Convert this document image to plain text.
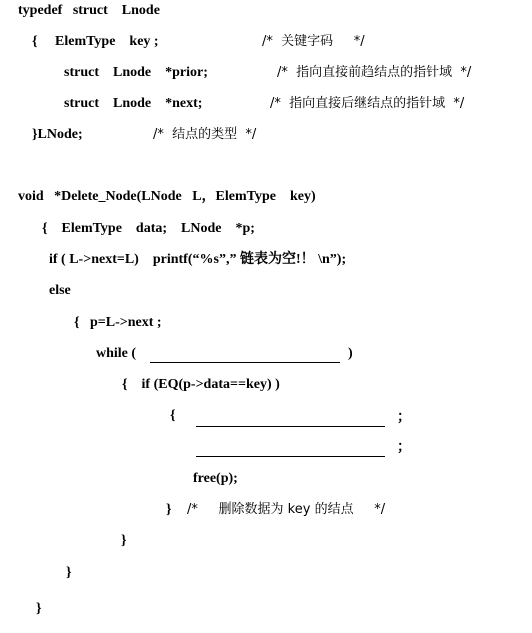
typedef   struct    Lnode
{     ElemType    key ;	/*  关键字码     */
struct    Lnode    *prior;	/*  指向直接前趋结点的指针域  */
struct    Lnode    *next;	/*  指向直接后继结点的指针域  */
}LNode;	/*  结点的类型  */
void   *Delete_Node(LNode   L，ElemType    key)
{    ElemType    data;    LNode    *p;
if ( L->next=L)    printf(“%s”,” 链表为空!！ \n”);
else
{   p=L->next ;
while (	)
{    if (EQ(p->data==key) )
{	；
；
free(p);
} /*     删除数据为 key 的结点     */
}
}
}
